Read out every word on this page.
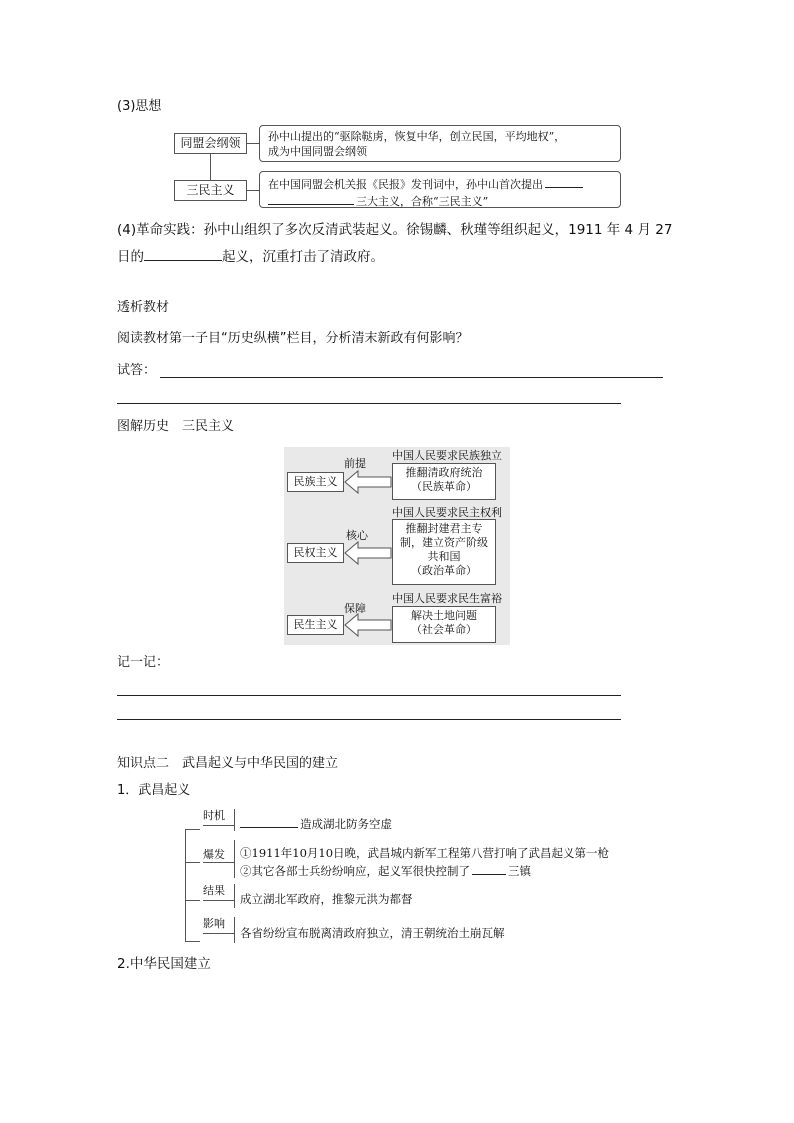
(3)思想
同盟会纲领
三民主义
孙中山提出的“驱除鞑虏，恢复中华，创立民国，平均地权”，
成为中国同盟会纲领
在中国同盟会机关报《民报》发刊词中，孙中山首次提出
三大主义，合称“三民主义”
(4)革命实践：孙中山组织了多次反清武装起义。徐锡麟、秋瑾等组织起义，1911 年 4 月 27
日的	起义，沉重打击了清政府。
透析教材
阅读教材第一子目“历史纵横”栏目，分析清末新政有何影响？
试答：
图解历史　三民主义
民族主义
前提
中国人民要求民族独立
推翻清政府统治
（民族革命）
民权主义
核心
中国人民要求民主权利
推翻封建君主专
制，建立资产阶级
共和国
（政治革命）
民生主义
保障
中国人民要求民生富裕
解决土地问题
（社会革命）
记一记：
知识点二　武昌起义与中华民国的建立
1．武昌起义
时机
爆发
结果
影响
造成湖北防务空虚
①1911年10月10日晚，武昌城内新军工程第八营打响了武昌起义第一枪
②其它各部士兵纷纷响应，起义军很快控制了	三镇
成立湖北军政府，推黎元洪为都督
各省纷纷宣布脱离清政府独立，清王朝统治土崩瓦解
2.中华民国建立
